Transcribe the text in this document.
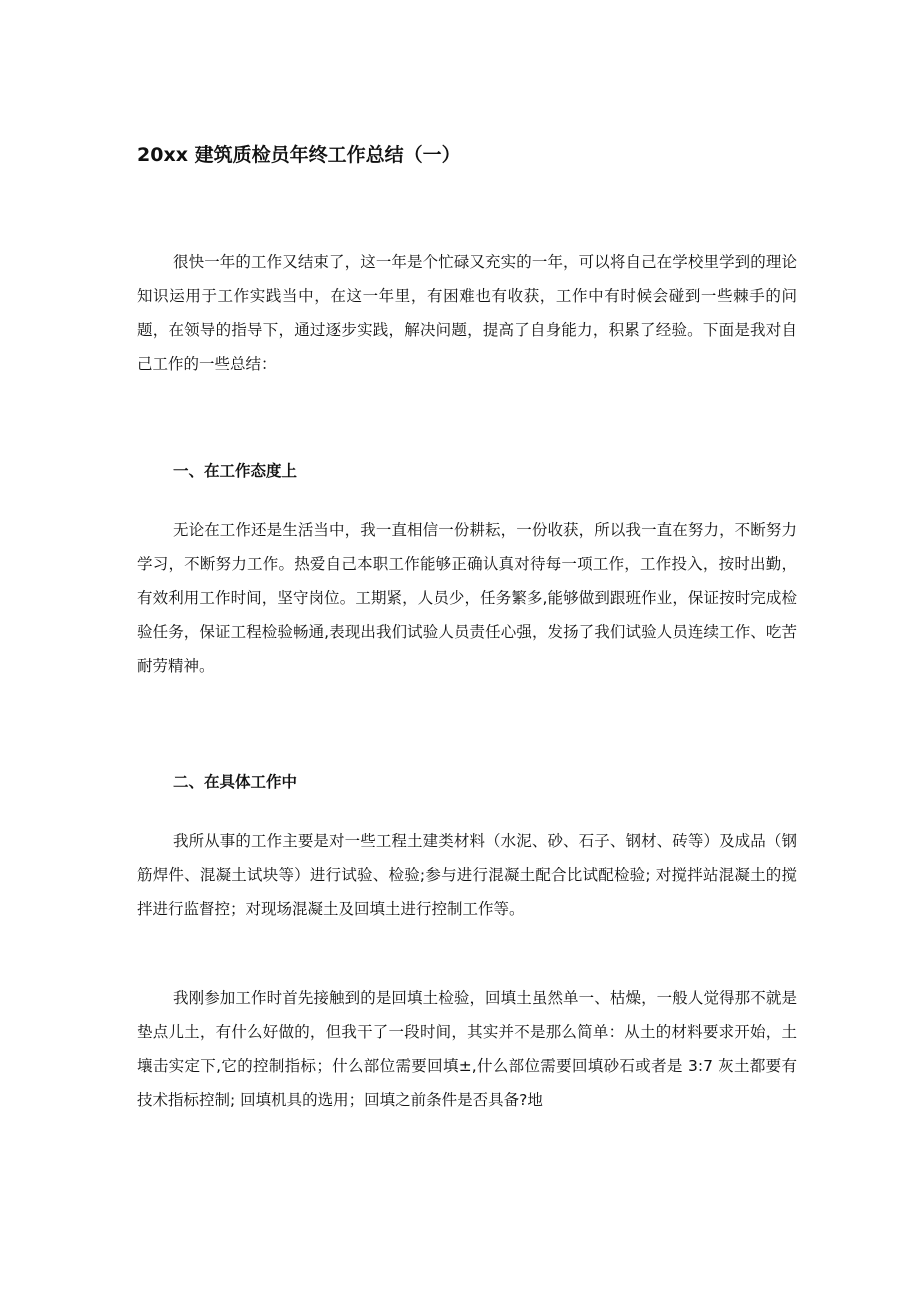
20xx 建筑质检员年终工作总结（一）

很快一年的工作又结束了，这一年是个忙碌又充实的一年，可以将自己在学校里学到的理论知识运用于工作实践当中，在这一年里，有困难也有收获，工作中有时候会碰到一些棘手的问题，在领导的指导下，通过逐步实践，解决问题，提高了自身能力，积累了经验。下面是我对自己工作的一些总结：

一、在工作态度上

无论在工作还是生活当中，我一直相信一份耕耘，一份收获，所以我一直在努力，不断努力学习，不断努力工作。热爱自己本职工作能够正确认真对待每一项工作，工作投入，按时出勤，有效利用工作时间，坚守岗位。工期紧，人员少，任务繁多,能够做到跟班作业，保证按时完成检验任务，保证工程检验畅通,表现出我们试验人员责任心强，发扬了我们试验人员连续工作、吃苦耐劳精神。

二、在具体工作中

我所从事的工作主要是对一些工程土建类材料（水泥、砂、石子、钢材、砖等）及成品（钢筋焊件、混凝土试块等）进行试验、检验;参与进行混凝土配合比试配检验; 对搅拌站混凝土的搅拌进行监督控；对现场混凝土及回填土进行控制工作等。

我刚参加工作时首先接触到的是回填土检验，回填土虽然单一、枯燥，一般人觉得那不就是垫点儿土，有什么好做的，但我干了一段时间，其实并不是那么简单：从土的材料要求开始，土壤击实定下,它的控制指标；什么部位需要回填±,什么部位需要回填砂石或者是 3:7 灰土都要有技术指标控制; 回填机具的选用；回填之前条件是否具备?地
